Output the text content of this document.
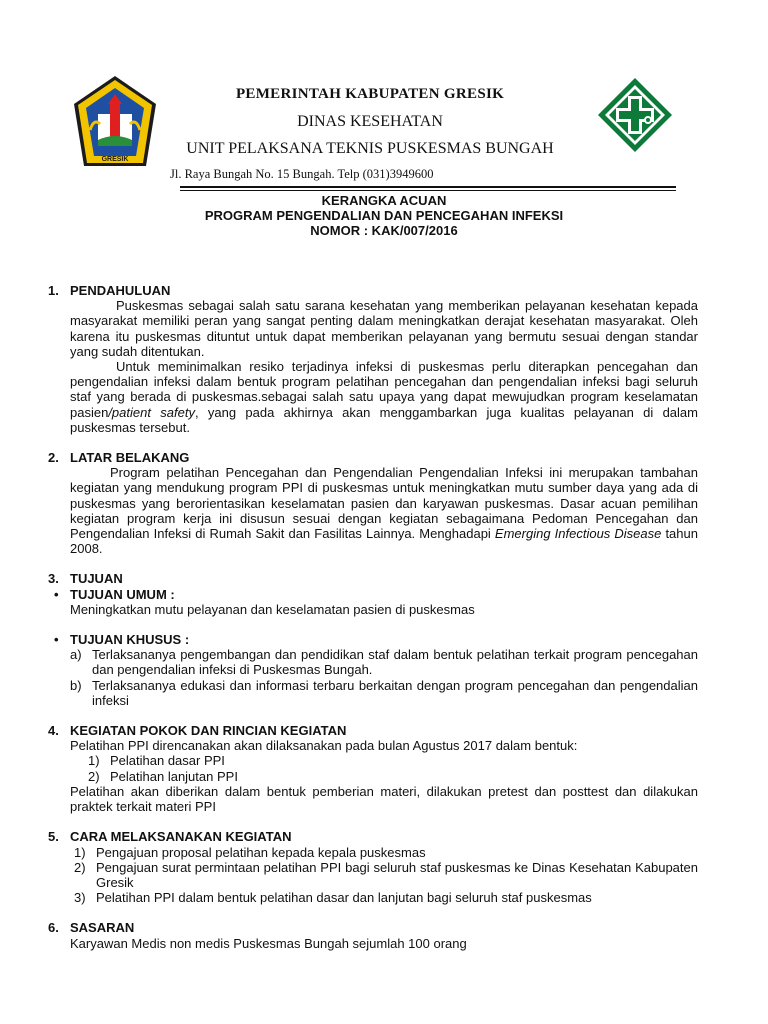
GRESIK
PEMERINTAH KABUPATEN GRESIK
DINAS KESEHATAN
UNIT PELAKSANA TEKNIS PUSKESMAS BUNGAH
Jl. Raya Bungah No. 15 Bungah. Telp (031)3949600
KERANGKA ACUAN
PROGRAM PENGENDALIAN DAN PENCEGAHAN INFEKSI
NOMOR : KAK/007/2016
1. PENDAHULUAN
Puskesmas sebagai salah satu sarana kesehatan yang memberikan pelayanan kesehatan kepada masyarakat memiliki peran yang sangat penting dalam meningkatkan derajat kesehatan masyarakat. Oleh karena itu puskesmas dituntut untuk dapat memberikan pelayanan yang bermutu sesuai dengan standar yang sudah ditentukan.
Untuk meminimalkan resiko terjadinya infeksi di puskesmas perlu diterapkan pencegahan dan pengendalian infeksi dalam bentuk program pelatihan pencegahan dan pengendalian infeksi bagi seluruh staf yang berada di puskesmas.sebagai salah satu upaya yang dapat mewujudkan program keselamatan pasien/patient safety, yang pada akhirnya akan menggambarkan juga kualitas pelayanan di dalam puskesmas tersebut.
2. LATAR BELAKANG
Program pelatihan Pencegahan dan Pengendalian Pengendalian Infeksi ini merupakan tambahan kegiatan yang mendukung program PPI di puskesmas untuk meningkatkan mutu sumber daya yang ada di puskesmas yang berorientasikan keselamatan pasien dan karyawan puskesmas. Dasar acuan pemilihan kegiatan program kerja ini disusun sesuai dengan kegiatan sebagaimana Pedoman Pencegahan dan Pengendalian Infeksi di Rumah Sakit dan Fasilitas Lainnya. Menghadapi Emerging Infectious Disease tahun 2008.
3. TUJUAN
• TUJUAN UMUM :
Meningkatkan mutu pelayanan dan keselamatan pasien di puskesmas
• TUJUAN KHUSUS :
a) Terlaksananya pengembangan dan pendidikan staf dalam bentuk pelatihan terkait program pencegahan dan pengendalian infeksi di Puskesmas Bungah.
b) Terlaksananya edukasi dan informasi terbaru berkaitan dengan program pencegahan dan pengendalian infeksi
4. KEGIATAN POKOK DAN RINCIAN KEGIATAN
Pelatihan PPI direncanakan akan dilaksanakan pada bulan Agustus 2017 dalam bentuk:
1) Pelatihan dasar PPI
2) Pelatihan lanjutan PPI
Pelatihan akan diberikan dalam bentuk pemberian materi, dilakukan pretest dan posttest dan dilakukan praktek terkait materi PPI
5. CARA MELAKSANAKAN KEGIATAN
1) Pengajuan proposal pelatihan kepada kepala puskesmas
2) Pengajuan surat permintaan pelatihan PPI bagi seluruh staf puskesmas ke Dinas Kesehatan Kabupaten Gresik
3) Pelatihan PPI dalam bentuk pelatihan dasar dan lanjutan bagi seluruh staf puskesmas
6. SASARAN
Karyawan Medis non medis Puskesmas Bungah sejumlah 100 orang
